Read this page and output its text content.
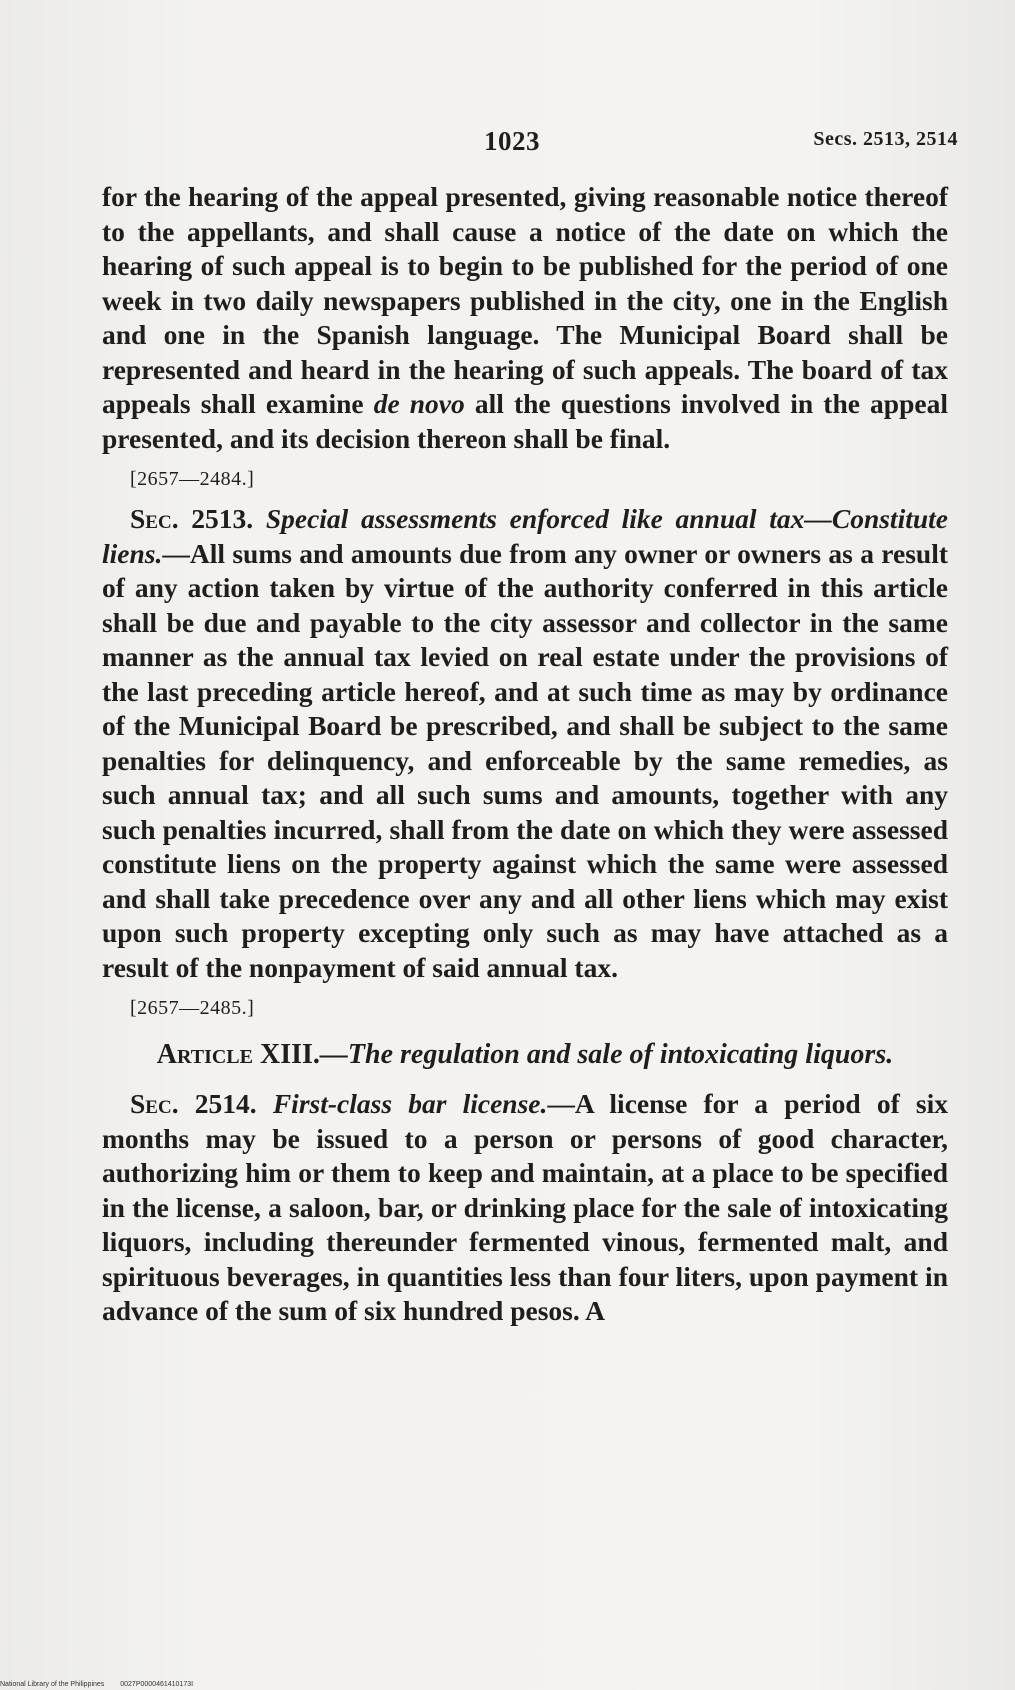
1023	Secs. 2513, 2514

for the hearing of the appeal presented, giving reasonable notice thereof to the appellants, and shall cause a notice of the date on which the hearing of such appeal is to begin to be published for the period of one week in two daily newspapers published in the city, one in the English and one in the Spanish language. The Municipal Board shall be represented and heard in the hearing of such appeals. The board of tax appeals shall examine de novo all the questions involved in the appeal presented, and its decision thereon shall be final.

[2657—2484.]

Sec. 2513. Special assessments enforced like annual tax—Constitute liens.—All sums and amounts due from any owner or owners as a result of any action taken by virtue of the authority conferred in this article shall be due and payable to the city assessor and collector in the same manner as the annual tax levied on real estate under the provisions of the last preceding article hereof, and at such time as may by ordinance of the Municipal Board be prescribed, and shall be subject to the same penalties for delinquency, and enforceable by the same remedies, as such annual tax; and all such sums and amounts, together with any such penalties incurred, shall from the date on which they were assessed constitute liens on the property against which the same were assessed and shall take precedence over any and all other liens which may exist upon such property excepting only such as may have attached as a result of the nonpayment of said annual tax.

[2657—2485.]
Article XIII.—The regulation and sale of intoxicating liquors.

Sec. 2514. First-class bar license.—A license for a period of six months may be issued to a person or persons of good character, authorizing him or them to keep and maintain, at a place to be specified in the license, a saloon, bar, or drinking place for the sale of intoxicating liquors, including thereunder fermented vinous, fermented malt, and spirituous beverages, in quantities less than four liters, upon payment in advance of the sum of six hundred pesos. A

National Library of the Philippines 0027P0000461410173I
